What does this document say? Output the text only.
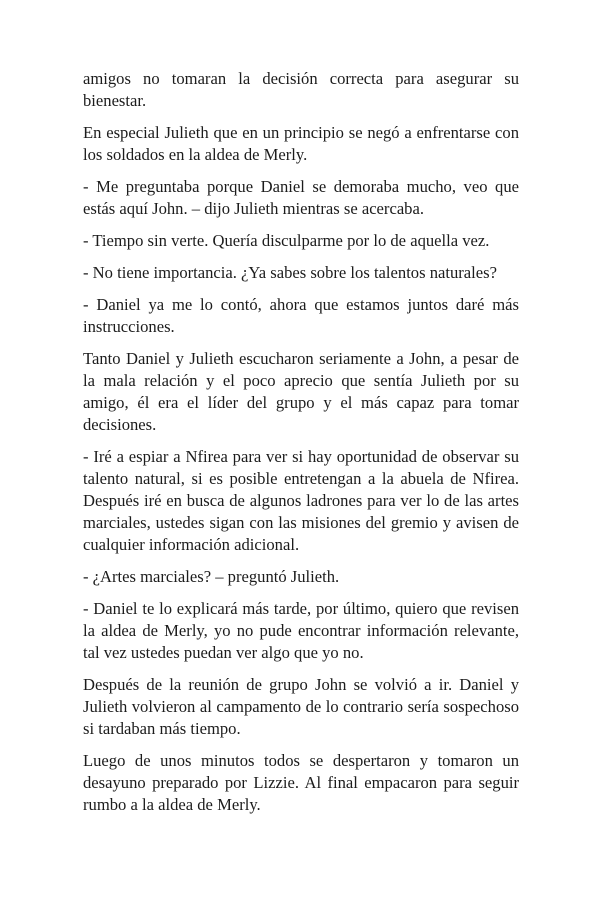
amigos no tomaran la decisión correcta para asegurar su bienestar.

En especial Julieth que en un principio se negó a enfrentarse con los soldados en la aldea de Merly.

- Me preguntaba porque Daniel se demoraba mucho, veo que estás aquí John. – dijo Julieth mientras se acercaba.

- Tiempo sin verte. Quería disculparme por lo de aquella vez.

- No tiene importancia. ¿Ya sabes sobre los talentos naturales?

- Daniel ya me lo contó, ahora que estamos juntos daré más instrucciones.

Tanto Daniel y Julieth escucharon seriamente a John, a pesar de la mala relación y el poco aprecio que sentía Julieth por su amigo, él era el líder del grupo y el más capaz para tomar decisiones.

- Iré a espiar a Nfirea para ver si hay oportunidad de observar su talento natural, si es posible entretengan a la abuela de Nfirea. Después iré en busca de algunos ladrones para ver lo de las artes marciales, ustedes sigan con las misiones del gremio y avisen de cualquier información adicional.

- ¿Artes marciales? – preguntó Julieth.

- Daniel te lo explicará más tarde, por último, quiero que revisen la aldea de Merly, yo no pude encontrar información relevante, tal vez ustedes puedan ver algo que yo no.

Después de la reunión de grupo John se volvió a ir. Daniel y Julieth volvieron al campamento de lo contrario sería sospechoso si tardaban más tiempo.

Luego de unos minutos todos se despertaron y tomaron un desayuno preparado por Lizzie. Al final empacaron para seguir rumbo a la aldea de Merly.
